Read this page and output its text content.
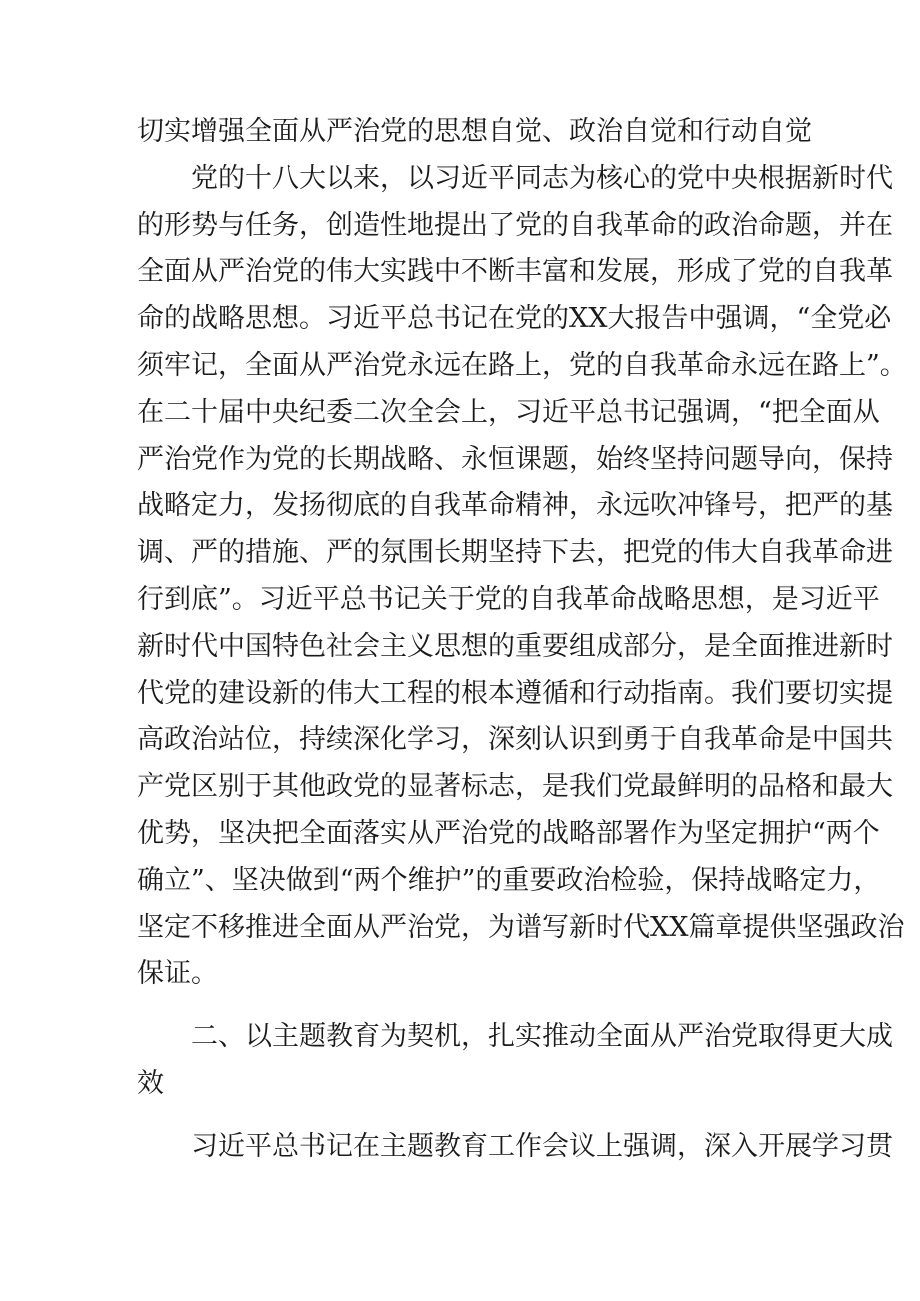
切实增强全面从严治党的思想自觉、政治自觉和行动自觉
党的十八大以来，以习近平同志为核心的党中央根据新时代
的形势与任务，创造性地提出了党的自我革命的政治命题，并在
全面从严治党的伟大实践中不断丰富和发展，形成了党的自我革
命的战略思想。习近平总书记在党的XX大报告中强调，“全党必
须牢记，全面从严治党永远在路上，党的自我革命永远在路上”。
在二十届中央纪委二次全会上，习近平总书记强调，“把全面从
严治党作为党的长期战略、永恒课题，始终坚持问题导向，保持
战略定力，发扬彻底的自我革命精神，永远吹冲锋号，把严的基
调、严的措施、严的氛围长期坚持下去，把党的伟大自我革命进
行到底”。习近平总书记关于党的自我革命战略思想，是习近平
新时代中国特色社会主义思想的重要组成部分，是全面推进新时
代党的建设新的伟大工程的根本遵循和行动指南。我们要切实提
高政治站位，持续深化学习，深刻认识到勇于自我革命是中国共
产党区别于其他政党的显著标志，是我们党最鲜明的品格和最大
优势，坚决把全面落实从严治党的战略部署作为坚定拥护“两个
确立”、坚决做到“两个维护”的重要政治检验，保持战略定力，
坚定不移推进全面从严治党，为谱写新时代XX篇章提供坚强政治
保证。
二、以主题教育为契机，扎实推动全面从严治党取得更大成
效
习近平总书记在主题教育工作会议上强调，深入开展学习贯
